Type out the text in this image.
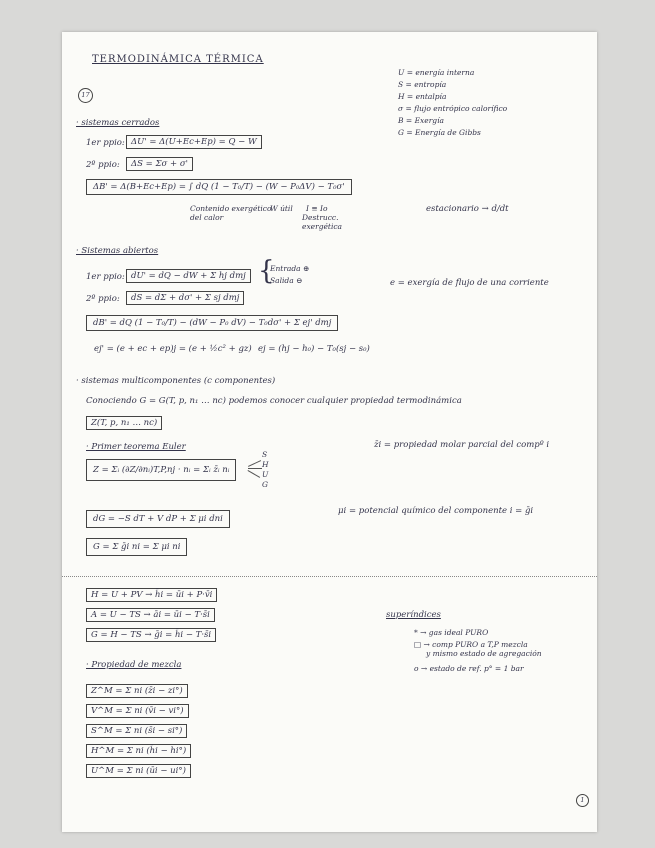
TERMODINÁMICA TÉRMICA
17
U = energía interna
S = entropía
H = entalpía
σ = flujo entrópico calorífico
B = Exergía
G = Energía de Gibbs
· sistemas cerrados
1er ppio: ΔU' = Δ(U+Ec+Ep) = Q − W
2º ppio:	ΔS = Σσ + σ'
ΔB' = Δ(B+Ec+Ep) = ∫ dQ (1 − T₀/T) − (W − P₀ΔV) − T₀σ'
Contenido exergético
del calor
W útil I ≡ Io
Destrucc.
exergética
estacionario → d/dt
· Sistemas abiertos
1er ppio: dU' = dQ − dW + Σ hj dmj {
Entrada ⊕
Salida ⊖	e = exergía de flujo de una corriente
2º ppio:	dS = dΣ + dσ' + Σ sj dmj
dB' = dQ (1 − T₀/T) − (dW − P₀ dV) − T₀dσ' + Σ ej' dmj
ej' = (e + ec + ep)j = (e + ½c² + gz) ej = (hj − h₀) − T₀(sj − s₀)
· sistemas multicomponentes (c componentes)
Conociendo G = G(T, p, n₁ … nc) podemos conocer cualquier propiedad termodinámica
Z(T, p, n₁ … nc)
· Primer teorema Euler	z̄i = propiedad molar parcial del compº i
Z = Σᵢ (∂Z/∂nᵢ)T,P,nj · nᵢ = Σᵢ z̄ᵢ nᵢ
S
H
U
G
dG = −S dT + V dP + Σ μi dni
μi = potencial químico del componente i = ḡi
G = Σ ḡi ni = Σ μi ni
H = U + PV → h̄i = ūi + P·v̄i
A = U − TS → āi = ūi − T·s̄i
G = H − TS → ḡi = h̄i − T·s̄i
superíndices
* → gas ideal PURO
□ → comp PURO a T,P mezcla
y mismo estado de agregación
o → estado de ref. p° = 1 bar
· Propiedad de mezcla
Z^M = Σ ni (z̄i − zi°)
V^M = Σ ni (v̄i − vi°)
S^M = Σ ni (s̄i − si°)
H^M = Σ ni (h̄i − hi°)
U^M = Σ ni (ūi − ui°)
1
